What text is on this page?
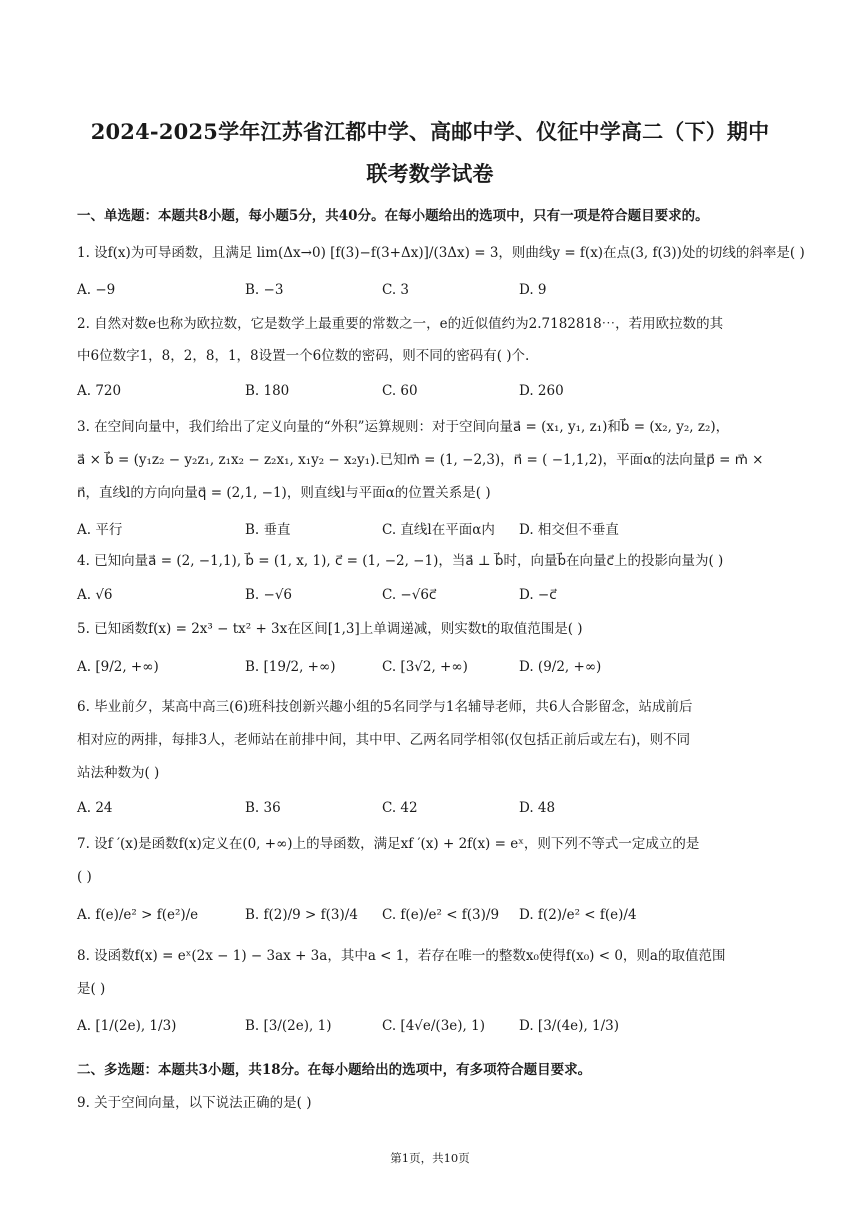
2024-2025学年江苏省江都中学、高邮中学、仪征中学高二（下）期中
联考数学试卷
一、单选题：本题共8小题，每小题5分，共40分。在每小题给出的选项中，只有一项是符合题目要求的。
1. 设f(x)为可导函数，且满足 lim(Δx→0) [f(3)−f(3+Δx)]/(3Δx) = 3，则曲线y = f(x)在点(3, f(3))处的切线的斜率是( )
A. −9	B. −3	C. 3	D. 9
2. 自然对数e也称为欧拉数，它是数学上最重要的常数之一，e的近似值约为2.7182818⋯，若用欧拉数的其
中6位数字1，8，2，8，1，8设置一个6位数的密码，则不同的密码有( )个.
A. 720	B. 180	C. 60	D. 260
3. 在空间向量中，我们给出了定义向量的“外积”运算规则：对于空间向量a⃗ = (x₁, y₁, z₁)和b⃗ = (x₂, y₂, z₂)，
a⃗ × b⃗ = (y₁z₂ − y₂z₁, z₁x₂ − z₂x₁, x₁y₂ − x₂y₁).已知m⃗ = (1, −2,3)，n⃗ = ( −1,1,2)，平面α的法向量p⃗ = m⃗ ×
n⃗，直线l的方向向量q⃗ = (2,1, −1)，则直线l与平面α的位置关系是( )
A. 平行	B. 垂直	C. 直线l在平面α内 D. 相交但不垂直
4. 已知向量a⃗ = (2, −1,1), b⃗ = (1, x, 1), c⃗ = (1, −2, −1)，当a⃗ ⊥ b⃗时，向量b⃗在向量c⃗上的投影向量为( )
A. √6	B. −√6	C. −√6c⃗	D. −c⃗
5. 已知函数f(x) = 2x³ − tx² + 3x在区间[1,3]上单调递减，则实数t的取值范围是( )
A. [9/2, +∞)	B. [19/2, +∞)	C. [3√2, +∞)	D. (9/2, +∞)
6. 毕业前夕，某高中高三(6)班科技创新兴趣小组的5名同学与1名辅导老师，共6人合影留念，站成前后
相对应的两排，每排3人，老师站在前排中间，其中甲、乙两名同学相邻(仅包括正前后或左右)，则不同
站法种数为( )
A. 24	B. 36	C. 42	D. 48
7. 设f ′(x)是函数f(x)定义在(0, +∞)上的导函数，满足xf ′(x) + 2f(x) = eˣ，则下列不等式一定成立的是
( )
A. f(e)/e² > f(e²)/e	B. f(2)/9 > f(3)/4 C. f(e)/e² < f(3)/9 D. f(2)/e² < f(e)/4
8. 设函数f(x) = eˣ(2x − 1) − 3ax + 3a，其中a < 1，若存在唯一的整数x₀使得f(x₀) < 0，则a的取值范围
是( )
A. [1/(2e), 1/3)	B. [3/(2e), 1)	C. [4√e/(3e), 1)	D. [3/(4e), 1/3)
二、多选题：本题共3小题，共18分。在每小题给出的选项中，有多项符合题目要求。
9. 关于空间向量，以下说法正确的是( )
第1页，共10页
